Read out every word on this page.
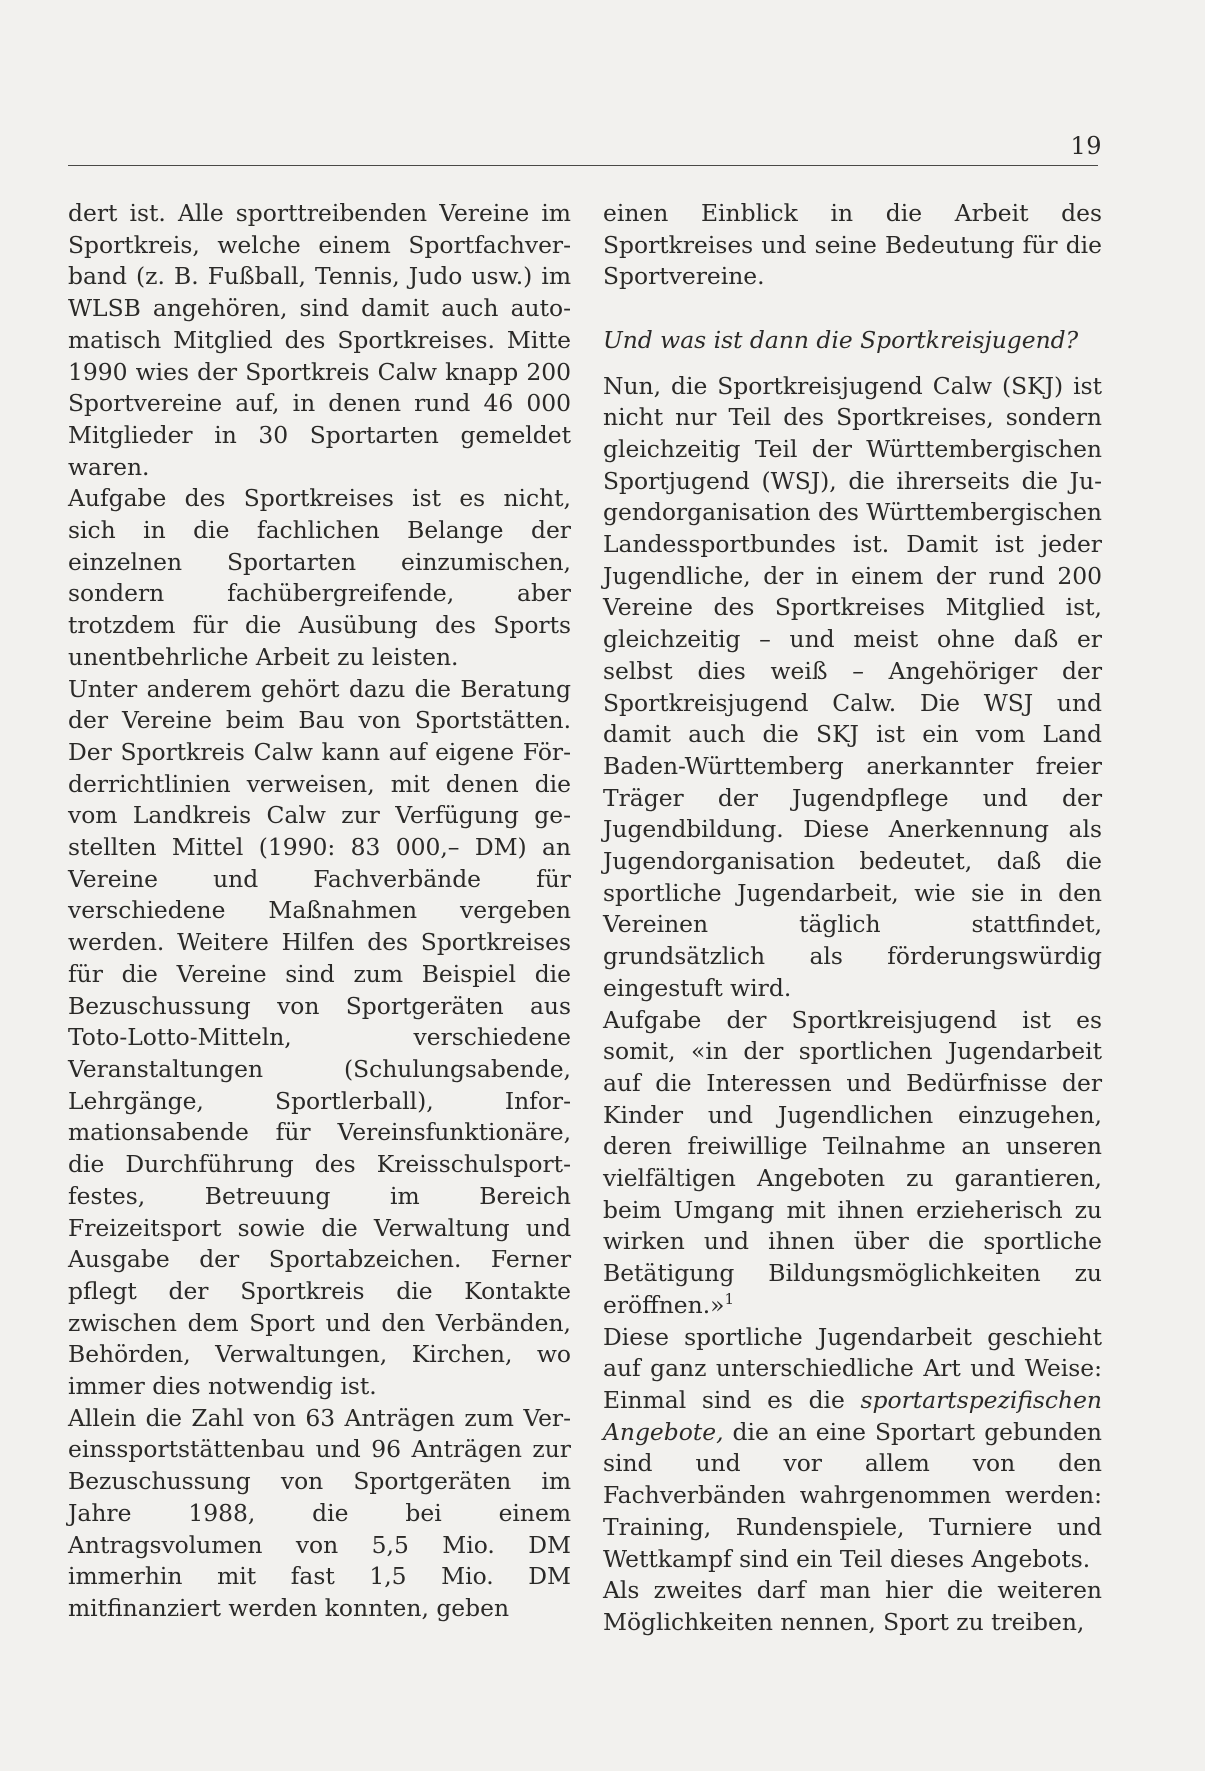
19

dert ist. Alle sporttreibenden Vereine im Sportkreis, welche einem Sportfachverband (z. B. Fußball, Tennis, Judo usw.) im WLSB angehören, sind damit auch automatisch Mitglied des Sportkreises. Mitte 1990 wies der Sportkreis Calw knapp 200 Sportvereine auf, in denen rund 46 000 Mitglieder in 30 Sportarten gemeldet waren.

Aufgabe des Sportkreises ist es nicht, sich in die fachlichen Belange der einzelnen Sportarten einzumischen, sondern fachübergreifende, aber trotzdem für die Ausübung des Sports unentbehrliche Arbeit zu leisten.

Unter anderem gehört dazu die Beratung der Vereine beim Bau von Sportstätten. Der Sportkreis Calw kann auf eigene Förderrichtlinien verweisen, mit denen die vom Landkreis Calw zur Verfügung gestellten Mittel (1990: 83 000,– DM) an Vereine und Fachverbände für verschiedene Maßnahmen vergeben werden. Weitere Hilfen des Sportkreises für die Vereine sind zum Beispiel die Bezuschussung von Sportgeräten aus Toto-Lotto-Mitteln, verschiedene Veranstaltungen (Schulungsabende, Lehrgänge, Sportlerball), Informationsabende für Vereinsfunktionäre, die Durchführung des Kreisschulsportfestes, Betreuung im Bereich Freizeitsport sowie die Verwaltung und Ausgabe der Sportabzeichen. Ferner pflegt der Sportkreis die Kontakte zwischen dem Sport und den Verbänden, Behörden, Verwaltungen, Kirchen, wo immer dies notwendig ist.

Allein die Zahl von 63 Anträgen zum Vereinssportstättenbau und 96 Anträgen zur Bezuschussung von Sportgeräten im Jahre 1988, die bei einem Antragsvolumen von 5,5 Mio. DM immerhin mit fast 1,5 Mio. DM mitfinanziert werden konnten, geben

einen Einblick in die Arbeit des Sportkreises und seine Bedeutung für die Sportvereine.

Und was ist dann die Sportkreisjugend?

Nun, die Sportkreisjugend Calw (SKJ) ist nicht nur Teil des Sportkreises, sondern gleichzeitig Teil der Württembergischen Sportjugend (WSJ), die ihrerseits die Jugendorganisation des Württembergischen Landessportbundes ist. Damit ist jeder Jugendliche, der in einem der rund 200 Vereine des Sportkreises Mitglied ist, gleichzeitig – und meist ohne daß er selbst dies weiß – Angehöriger der Sportkreisjugend Calw. Die WSJ und damit auch die SKJ ist ein vom Land Baden-Württemberg anerkannter freier Träger der Jugendpflege und der Jugendbildung. Diese Anerkennung als Jugendorganisation bedeutet, daß die sportliche Jugendarbeit, wie sie in den Vereinen täglich stattfindet, grundsätzlich als förderungswürdig eingestuft wird.

Aufgabe der Sportkreisjugend ist es somit, «in der sportlichen Jugendarbeit auf die Interessen und Bedürfnisse der Kinder und Jugendlichen einzugehen, deren freiwillige Teilnahme an unseren vielfältigen Angeboten zu garantieren, beim Umgang mit ihnen erzieherisch zu wirken und ihnen über die sportliche Betätigung Bildungsmöglichkeiten zu eröffnen.»$^1$

Diese sportliche Jugendarbeit geschieht auf ganz unterschiedliche Art und Weise: Einmal sind es die sportartspezifischen Angebote, die an eine Sportart gebunden sind und vor allem von den Fachverbänden wahrgenommen werden: Training, Rundenspiele, Turniere und Wettkampf sind ein Teil dieses Angebots.

Als zweites darf man hier die weiteren Möglichkeiten nennen, Sport zu treiben,
